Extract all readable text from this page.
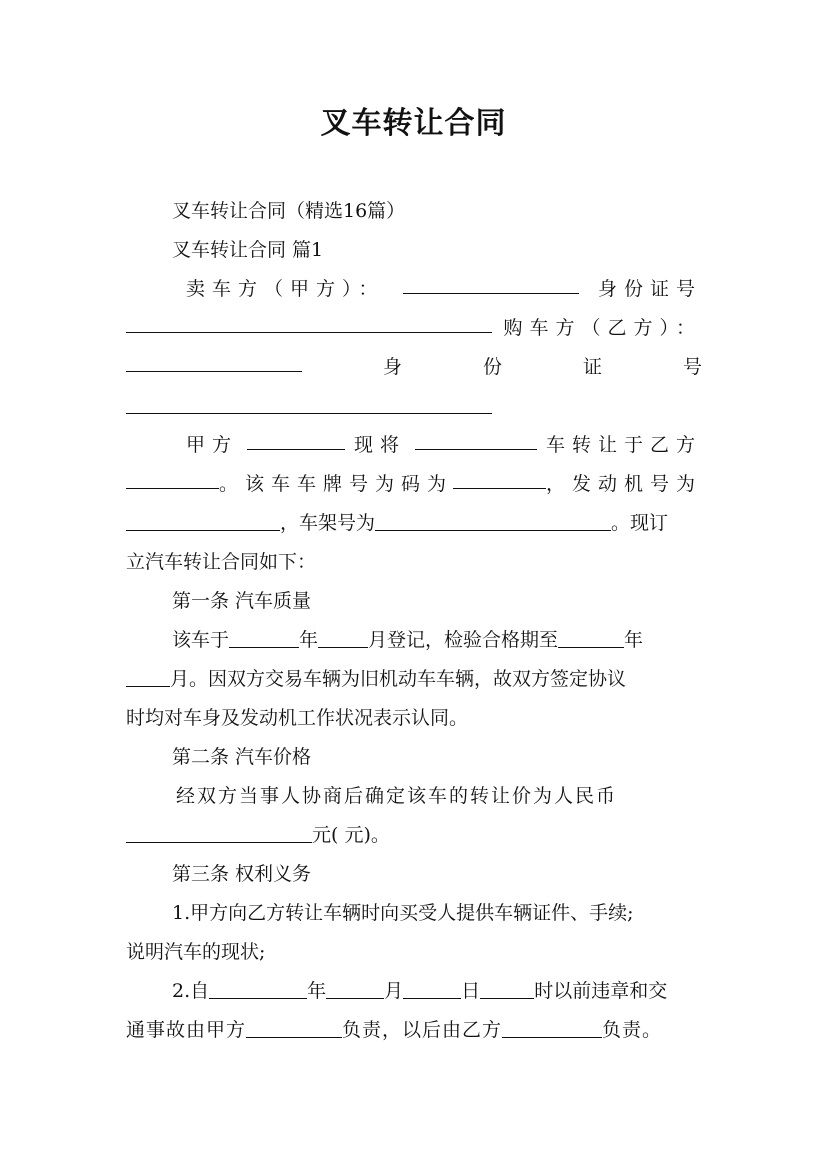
叉车转让合同
叉车转让合同（精选16篇）
叉车转让合同 篇1
卖车方（甲方）：	身份证号
购车方（乙方）：
身	份	证	号
甲方	现将	车转让于乙方
。该车车牌号为码为	，发动机号为
，车架号为	。现订
立汽车转让合同如下：
第一条 汽车质量
该车于	年	月登记，检验合格期至	年
月。因双方交易车辆为旧机动车车辆，故双方签定协议
时均对车身及发动机工作状况表示认同。
第二条 汽车价格
经双方当事人协商后确定该车的转让价为人民币
元( 元)。
第三条 权利义务
1.甲方向乙方转让车辆时向买受人提供车辆证件、手续;
说明汽车的现状;
2.自	年	月	日	时以前违章和交
通事故由甲方	负责，以后由乙方	负责。
